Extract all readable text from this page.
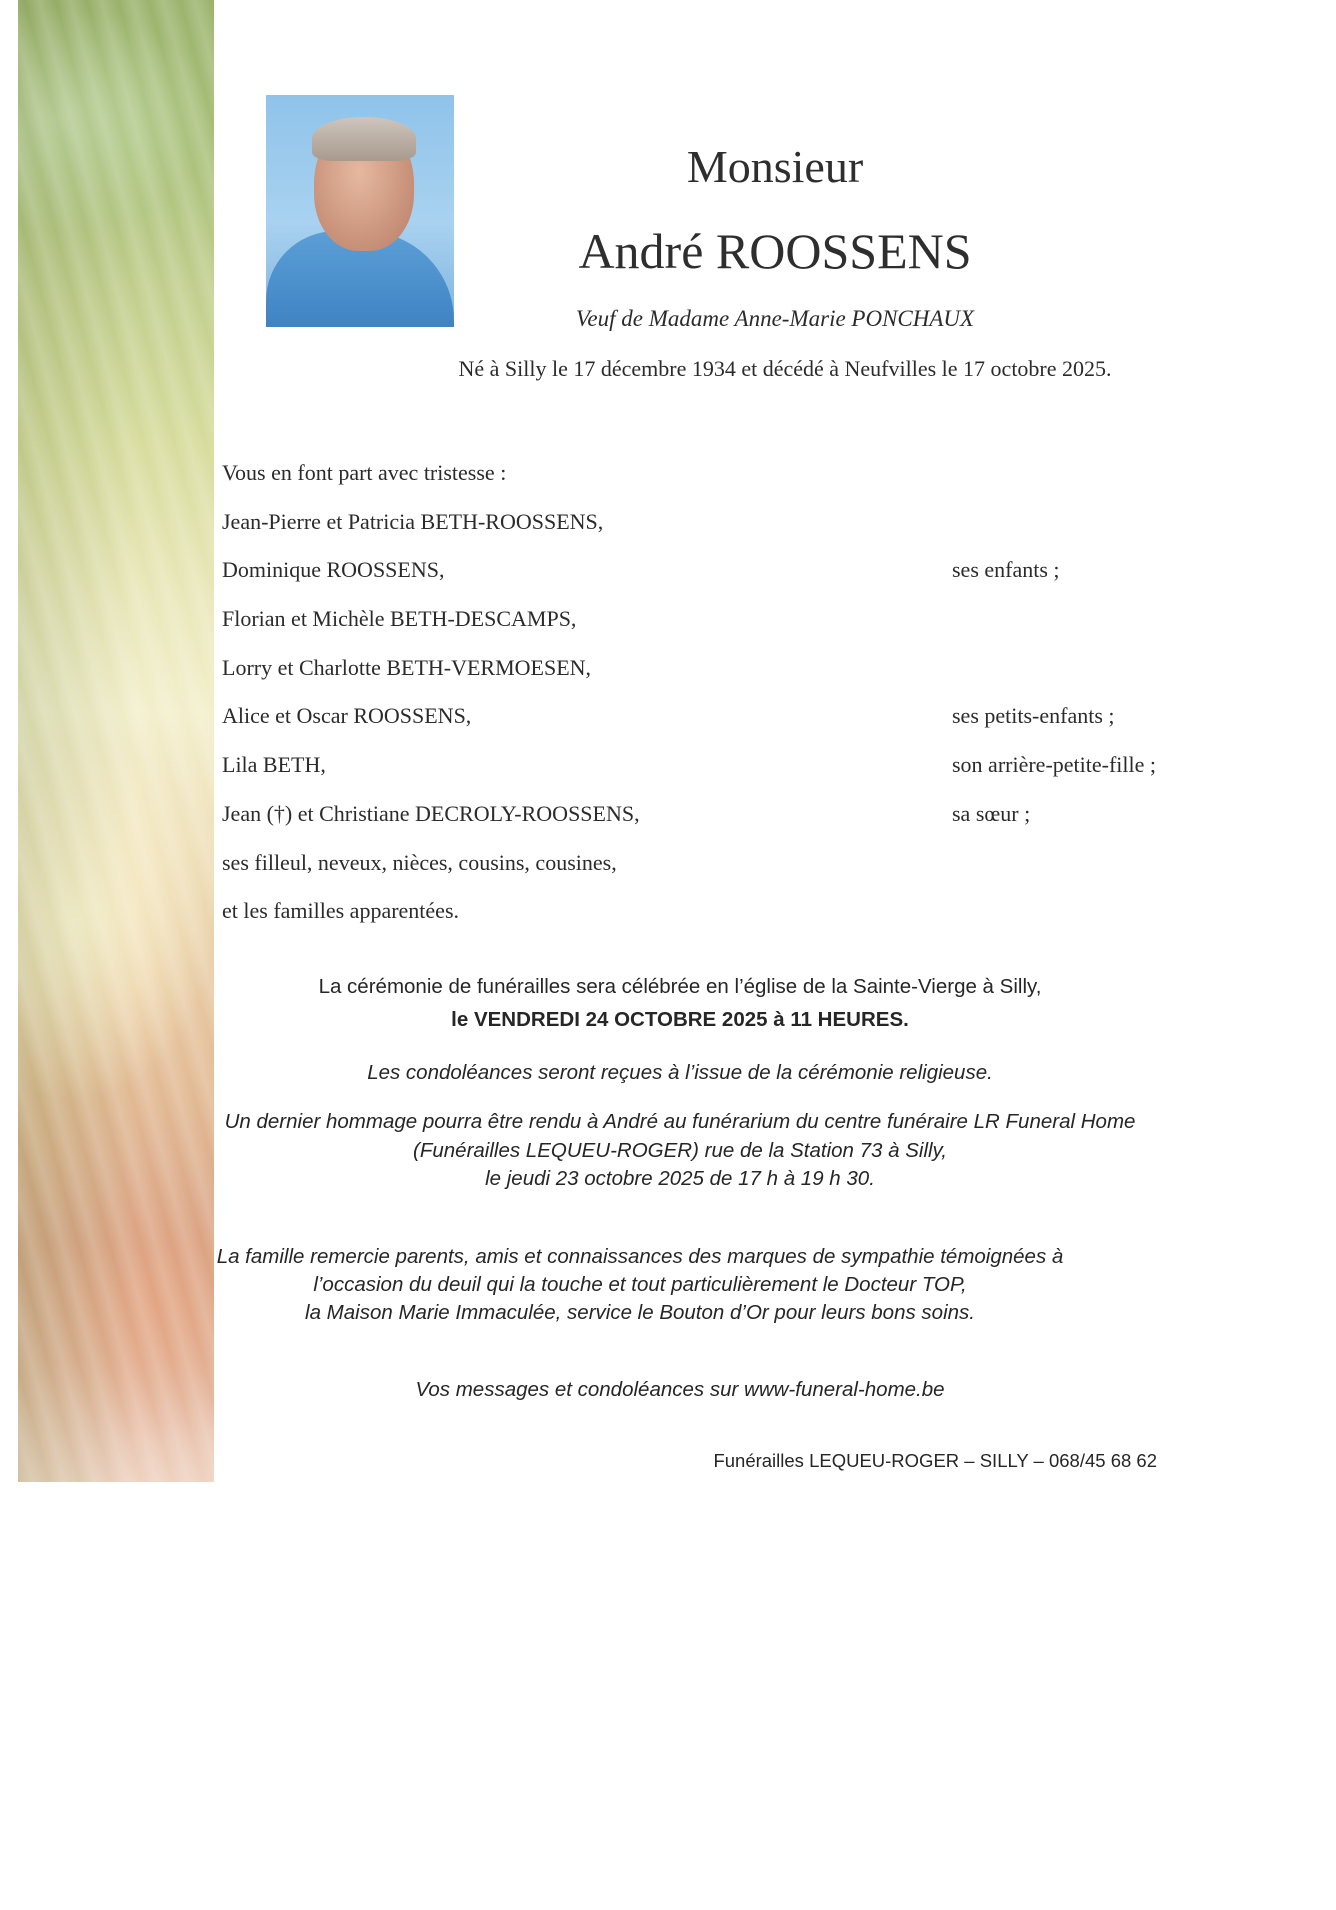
Monsieur
André ROOSSENS
Veuf de Madame Anne-Marie PONCHAUX
Né à Silly le 17 décembre 1934 et décédé à Neufvilles le 17 octobre 2025.
Vous en font part avec tristesse :
Jean-Pierre et Patricia BETH-ROOSSENS,
Dominique ROOSSENS,	ses enfants ;
Florian et Michèle BETH-DESCAMPS,
Lorry et Charlotte BETH-VERMOESEN,
Alice et Oscar ROOSSENS,	ses petits-enfants ;
Lila BETH,	son arrière-petite-fille ;
Jean (†) et Christiane DECROLY-ROOSSENS,	sa sœur ;
ses filleul, neveux, nièces, cousins, cousines,
et les familles apparentées.
La cérémonie de funérailles sera célébrée en l’église de la Sainte-Vierge à Silly,
le VENDREDI 24 OCTOBRE 2025 à 11 HEURES.
Les condoléances seront reçues à l’issue de la cérémonie religieuse.
Un dernier hommage pourra être rendu à André au funérarium du centre funéraire LR Funeral Home
(Funérailles LEQUEU-ROGER) rue de la Station 73 à Silly,
le jeudi 23 octobre 2025 de 17 h à 19 h 30.
La famille remercie parents, amis et connaissances des marques de sympathie témoignées à
l’occasion du deuil qui la touche et tout particulièrement le Docteur TOP,
la Maison Marie Immaculée, service le Bouton d’Or pour leurs bons soins.
Vos messages et condoléances sur www-funeral-home.be
Funérailles LEQUEU-ROGER – SILLY – 068/45 68 62
